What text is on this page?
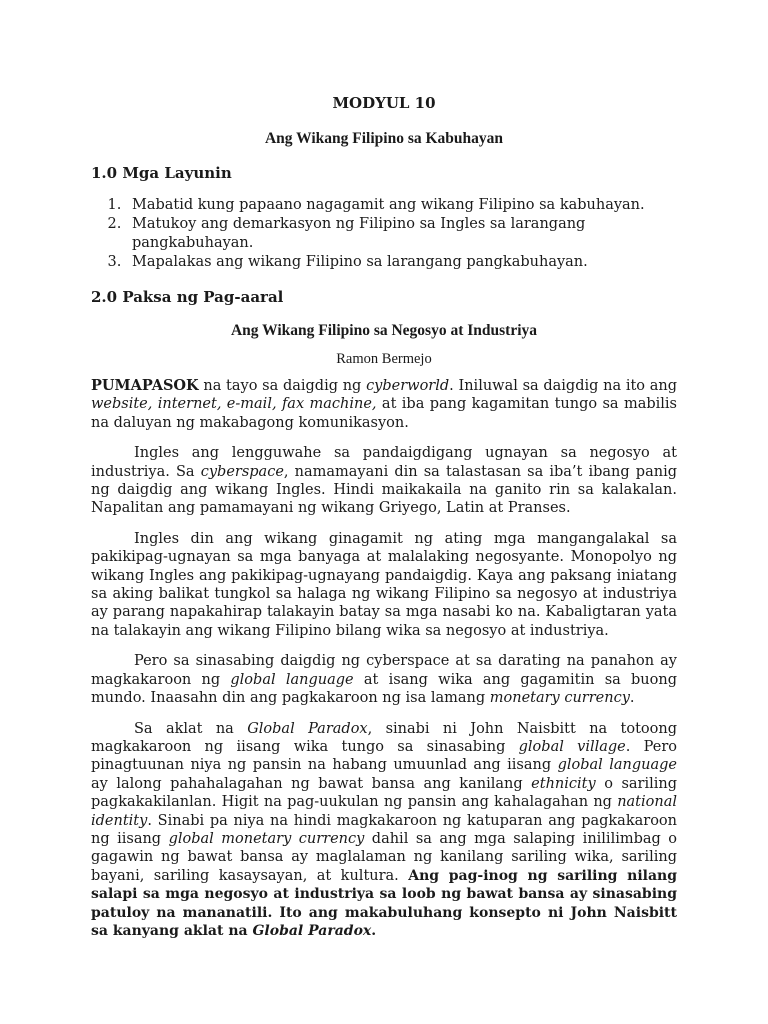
MODYUL 10
Ang Wikang Filipino sa Kabuhayan
1.0 Mga Layunin
1. Mabatid kung papaano nagagamit ang wikang Filipino sa kabuhayan.
2. Matukoy ang demarkasyon ng Filipino sa Ingles sa larangang pangkabuhayan.
3. Mapalakas ang wikang Filipino sa larangang pangkabuhayan.
2.0 Paksa ng Pag-aaral
Ang Wikang Filipino sa Negosyo at Industriya
Ramon Bermejo

PUMAPASOK na tayo sa daigdig ng cyberworld. Iniluwal sa daigdig na ito ang website, internet, e-mail, fax machine, at iba pang kagamitan tungo sa mabilis na daluyan ng makabagong komunikasyon.

Ingles ang lengguwahe sa pandaigdigang ugnayan sa negosyo at industriya. Sa cyberspace, namamayani din sa talastasan sa iba’t ibang panig ng daigdig ang wikang Ingles. Hindi maikakaila na ganito rin sa kalakalan. Napalitan ang pamamayani ng wikang Griyego, Latin at Pranses.

Ingles din ang wikang ginagamit ng ating mga mangangalakal sa pakikipag-ugnayan sa mga banyaga at malalaking negosyante. Monopolyo ng wikang Ingles ang pakikipag-ugnayang pandaigdig. Kaya ang paksang iniatang sa aking balikat tungkol sa halaga ng wikang Filipino sa negosyo at industriya ay parang napakahirap talakayin batay sa mga nasabi ko na. Kabaligtaran yata na talakayin ang wikang Filipino bilang wika sa negosyo at industriya.

Pero sa sinasabing daigdig ng cyberspace at sa darating na panahon ay magkakaroon ng global language at isang wika ang gagamitin sa buong mundo. Inaasahn din ang pagkakaroon ng isa lamang monetary currency.

Sa aklat na Global Paradox, sinabi ni John Naisbitt na totoong magkakaroon ng iisang wika tungo sa sinasabing global village. Pero pinagtuunan niya ng pansin na habang umuunlad ang iisang global language ay lalong pahahalagahan ng bawat bansa ang kanilang ethnicity o sariling pagkakakilanlan. Higit na pag-uukulan ng pansin ang kahalagahan ng national identity. Sinabi pa niya na hindi magkakaroon ng katuparan ang pagkakaroon ng iisang global monetary currency dahil sa ang mga salaping inililimbag o gagawin ng bawat bansa ay maglalaman ng kanilang sariling wika, sariling bayani, sariling kasaysayan, at kultura. Ang pag-inog ng sariling nilang salapi sa mga negosyo at industriya sa loob ng bawat bansa ay sinasabing patuloy na mananatili. Ito ang makabuluhang konsepto ni John Naisbitt sa kanyang aklat na Global Paradox.
